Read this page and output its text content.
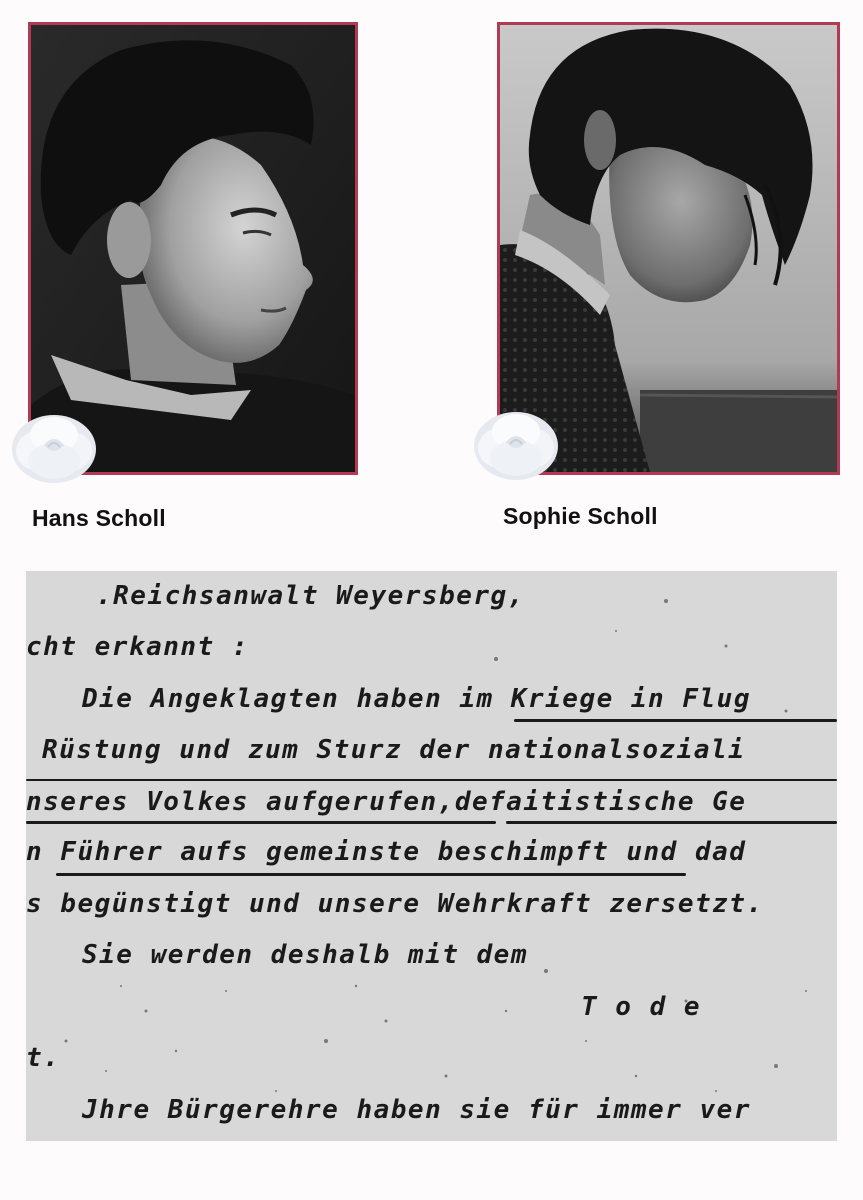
Hans Scholl	Sophie Scholl
.Reichsanwalt Weyersberg,
cht erkannt :
Die Angeklagten haben im Kriege in Flug
Rüstung und zum Sturz der nationalsoziali
nseres Volkes aufgerufen,defaitistische Ge
n Führer aufs gemeinste beschimpft und dad
s begünstigt und unsere Wehrkraft zersetzt.
Sie werden deshalb mit dem
T o d e
t.
Jhre Bürgerehre haben sie für immer ver
